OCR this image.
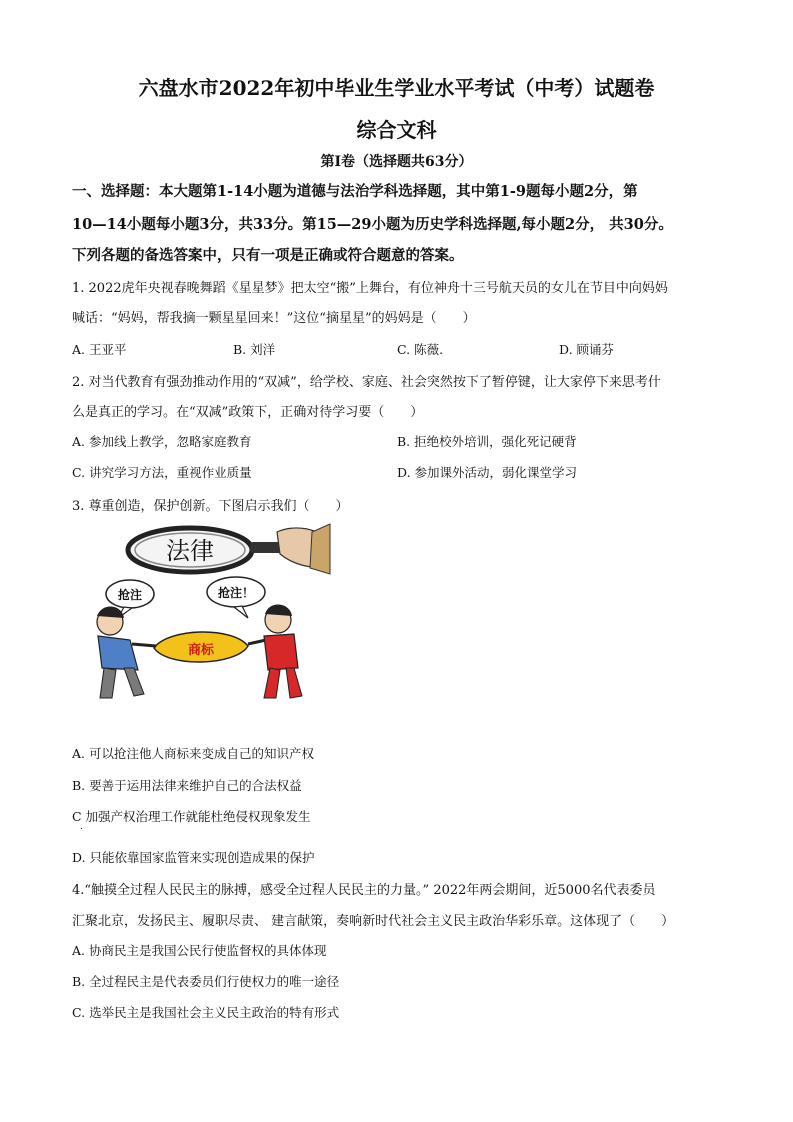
六盘水市2022年初中毕业生学业水平考试（中考）试题卷
综合文科
第Ⅰ卷（选择题共63分）
一、选择题：本大题第1-14小题为道德与法治学科选择题，其中第1-9题每小题2分，第
10—14小题每小题3分，共33分。第15—29小题为历史学科选择题,每小题2分， 共30分。
下列各题的备选答案中，只有一项是正确或符合题意的答案。
1. 2022虎年央视春晚舞蹈《星星梦》把太空“搬”上舞台，有位神舟十三号航天员的女儿在节目中向妈妈
喊话：“妈妈，帮我摘一颗星星回来！”这位“摘星星”的妈妈是（　　）
A. 王亚平	B. 刘洋	C. 陈薇.	D. 顾诵芬
2. 对当代教育有强劲推动作用的“双减”，给学校、家庭、社会突然按下了暂停键，让大家停下来思考什
么是真正的学习。在“双减”政策下，正确对待学习要（　　）
A. 参加线上教学，忽略家庭教育	B. 拒绝校外培训，强化死记硬背
C. 讲究学习方法，重视作业质量	D. 参加课外活动，弱化课堂学习
3. 尊重创造，保护创新。下图启示我们（　　）
法律
抢注	抢注！
商标
A. 可以抢注他人商标来变成自己的知识产权
B. 要善于运用法律来维护自己的合法权益
C 加强产权治理工作就能杜绝侵权现象发生
.
D. 只能依靠国家监管来实现创造成果的保护
4.“触摸全过程人民民主的脉搏，感受全过程人民民主的力量。” 2022年两会期间，近5000名代表委员
汇聚北京，发扬民主、履职尽责、 建言献策，奏响新时代社会主义民主政治华彩乐章。这体现了（　　）
A. 协商民主是我国公民行使监督权的具体体现
B. 全过程民主是代表委员们行使权力的唯一途径
C. 选举民主是我国社会主义民主政治的特有形式
